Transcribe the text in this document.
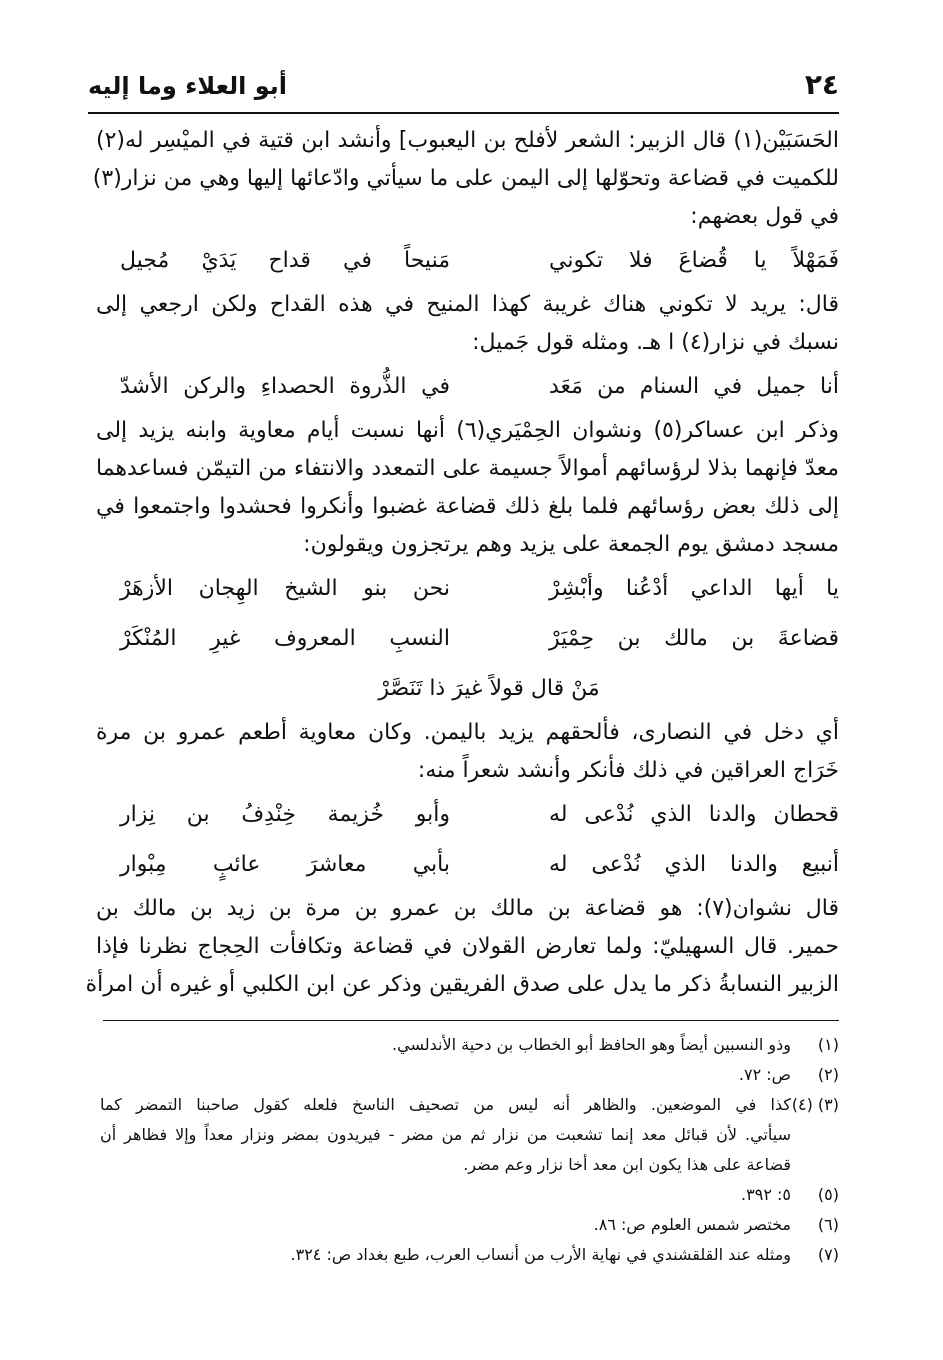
٢٤
أبو العلاء وما إليه

الحَسَبَيْن(١) قال الزبير: الشعر لأفلح بن اليعبوب] وأنشد ابن قتية في الميْسِر له(٢)

للكميت في قضاعة وتحوّلها إلى اليمن على ما سيأتي وادّعائها إليها وهي من نزار(٣)

في قول بعضهم:

فَمَهْلاً يا قُضاعَ فلا تكوني
مَنيحاً في قداح يَدَيْ مُجيل

قال: يريد لا تكوني هناك غريبة كهذا المنيح في هذه القداح ولكن ارجعي إلى

نسبك في نزار(٤) ا هـ. ومثله قول جَميل:

أنا جميل في السنام من مَعَد
في الذُّروة الحصداءِ والركن الأشدّ

وذكر ابن عساكر(٥) ونشوان الحِمْيَري(٦) أنها نسبت أيام معاوية وابنه يزيد إلى

معدّ فإنهما بذلا لرؤسائهم أموالاً جسيمة على التمعدد والانتفاء من التيمّن فساعدهما

إلى ذلك بعض رؤسائهم فلما بلغ ذلك قضاعة غضبوا وأنكروا فحشدوا واجتمعوا في

مسجد دمشق يوم الجمعة على يزيد وهم يرتجزون ويقولون:

يا أيها الداعي أدْعُنا وأبْشِرْ
نحن بنو الشيخ الهِجان الأزهَرْ
قضاعةَ بن مالك بن حِمْيَرْ
النسبِ المعروف غيرِ المُنْكَرْ
مَنْ قال قولاً غيرَ ذا تَنَصَّرْ

أي دخل في النصارى، فألحقهم يزيد باليمن. وكان معاوية أطعم عمرو بن مرة

خَرَاج العراقين في ذلك فأنكر وأنشد شعراً منه:

قحطان والدنا الذي نُدْعى له
وأبو خُزيمة خِنْدِفُ بن نِزار
أنبيع والدنا الذي نُدْعى له
بأبي معاشرَ عائبٍ مِبْوار

قال نشوان(٧): هو قضاعة بن مالك بن عمرو بن مرة بن زيد بن مالك بن

حمير. قال السهيليّ: ولما تعارض القولان في قضاعة وتكافأت الحِجاج نظرنا فإذا

الزبير النسابةُ ذكر ما يدل على صدق الفريقين وذكر عن ابن الكلبي أو غيره أن امرأة

(١)
وذو النسبين أيضاً وهو الحافظ أبو الخطاب بن دحية الأندلسي.
(٢)
ص: ٧٢.
(٣) (٤)
كذا في الموضعين. والظاهر أنه ليس من تصحيف الناسخ فلعله كقول صاحبنا التمضر كما
سيأتي. لأن قبائل معد إنما تشعبت من نزار ثم من مضر - فيريدون بمضر ونزار معداً وإلا فظاهر أن
قضاعة على هذا يكون ابن معد أخا نزار وعم مضر.
(٥)
٥: ٣٩٢.
(٦)
مختصر شمس العلوم ص: ٨٦.
(٧)
ومثله عند القلقشندي في نهاية الأرب من أنساب العرب، طبع بغداد ص: ٣٢٤.
